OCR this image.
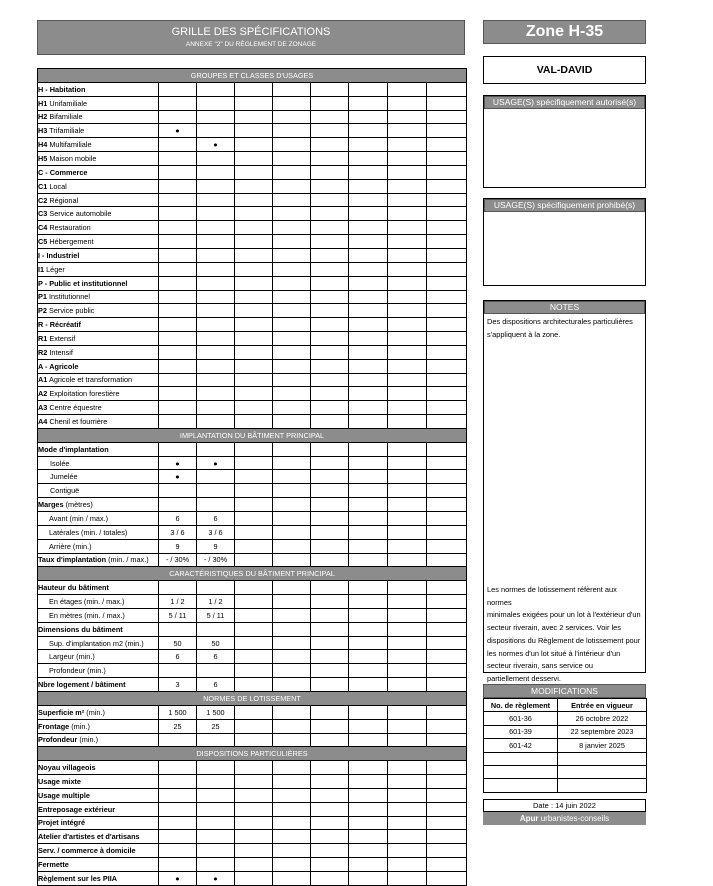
GRILLE DES SPÉCIFICATIONS
ANNEXE "2" DU RÈGLEMENT DE ZONAGE
Zone H-35
VAL-DAVID
GROUPES ET CLASSES D'USAGES								
H - Habitation								
H1 Unifamiliale								
H2 Bifamiliale								
H3 Trifamiliale	●							
H4 Multifamiliale		●						
H5 Maison mobile								
C - Commerce								
C1 Local								
C2 Régional								
C3 Service automobile								
C4 Restauration								
C5 Hébergement								
I - Industriel								
I1 Léger								
P - Public et institutionnel								
P1 Institutionnel								
P2 Service public								
R - Récréatif								
R1 Extensif								
R2 Intensif								
A - Agricole								
A1 Agricole et transformation								
A2 Exploitation forestière								
A3 Centre équestre								
A4 Chenil et fourrière								
IMPLANTATION DU BÂTIMENT PRINCIPAL								
Mode d'implantation								
Isolée	●	●						
Jumelée	●							
Contiguë								
Marges (mètres)								
Avant (min / max.)	6	6						
Latérales (min. / totales)	3 / 6	3 / 6						
Arrière (min.)	9	9						
Taux d'implantation (min. / max.)	- / 30%	- / 30%						
CARACTÉRISTIQUES DU BÂTIMENT PRINCIPAL								
Hauteur du bâtiment								
En étages (min. / max.)	1 / 2	1 / 2						
En mètres (min. / max.)	5 / 11	5 / 11						
Dimensions du bâtiment								
Sup. d'implantation m2 (min.)	50	50						
Largeur (min.)	6	6						
Profondeur (min.)								
Nbre logement / bâtiment	3	6						
NORMES DE LOTISSEMENT								
Superficie m² (min.)	1 500	1 500						
Frontage (min.)	25	25						
Profondeur (min.)								
DISPOSITIONS PARTICULIÈRES								
Noyau villageois								
Usage mixte								
Usage multiple								
Entreposage extérieur								
Projet intégré								
Atelier d'artistes et d'artisans								
Serv. / commerce à domicile								
Fermette								
Règlement sur les PIIA	●	●						
USAGE(S) spécifiquement autorisé(s)
USAGE(S) spécifiquement prohibé(s)
NOTES
Des dispositions architecturales particulières
s'appliquent à la zone.
Les normes de lotissement réfèrent aux normes
minimales exigées pour un lot à l'extérieur d'un
secteur riverain, avec 2 services. Voir les
dispositions du Règlement de lotissement pour
les normes d'un lot situé à l'intérieur d'un
secteur riverain, sans service ou
partiellement desservi.
MODIFICATIONS
No. de règlement	Entrée en vigueur
601-36	26 octobre 2022
601-39	22 septembre 2023
601-42	8 janvier 2025

Date : 14 juin 2022
Apur urbanistes-conseils
